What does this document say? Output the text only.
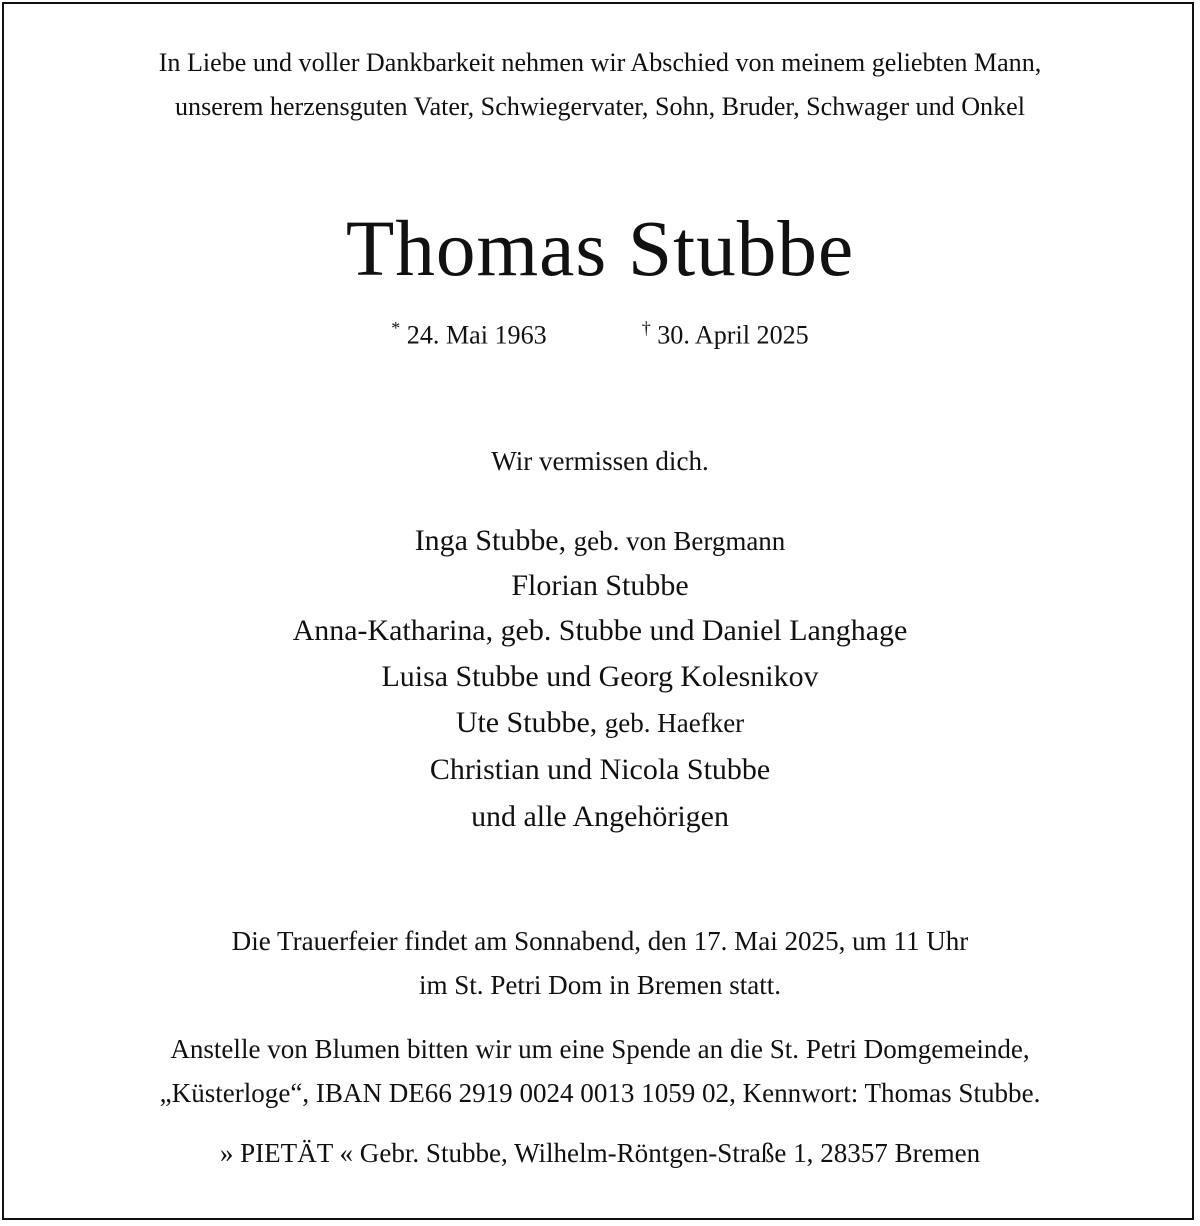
In Liebe und voller Dankbarkeit nehmen wir Abschied von meinem geliebten Mann,
unserem herzensguten Vater, Schwiegervater, Sohn, Bruder, Schwager und Onkel
Thomas Stubbe
* 24. Mai 1963	† 30. April 2025
Wir vermissen dich.
Inga Stubbe, geb. von Bergmann
Florian Stubbe
Anna-Katharina, geb. Stubbe und Daniel Langhage
Luisa Stubbe und Georg Kolesnikov
Ute Stubbe, geb. Haefker
Christian und Nicola Stubbe
und alle Angehörigen
Die Trauerfeier findet am Sonnabend, den 17. Mai 2025, um 11 Uhr
im St. Petri Dom in Bremen statt.
Anstelle von Blumen bitten wir um eine Spende an die St. Petri Domgemeinde,
„Küsterloge“, IBAN DE66 2919 0024 0013 1059 02, Kennwort: Thomas Stubbe.
» PIETÄT « Gebr. Stubbe, Wilhelm-Röntgen-Straße 1, 28357 Bremen
